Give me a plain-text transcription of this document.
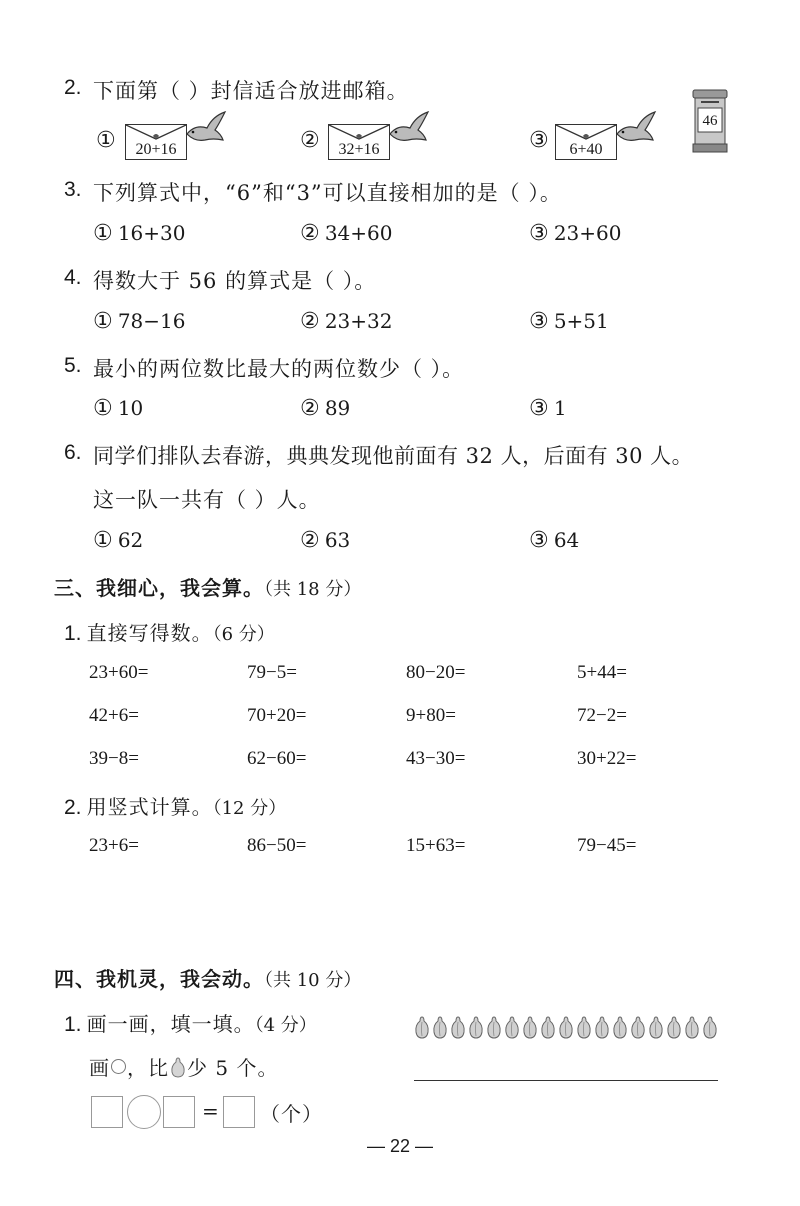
2. 下面第（ ）封信适合放进邮箱。
①	20+16	②	32+16	③	6+40
46
3. 下列算式中，“6”和“3”可以直接相加的是（ ）。
① 16+30	② 34+60	③ 23+60
4. 得数大于 56 的算式是（ ）。
① 78−16	② 23+32	③ 5+51
5. 最小的两位数比最大的两位数少（ ）。
① 10	② 89	③ 1
6. 同学们排队去春游，典典发现他前面有 32 人，后面有 30 人。
这一队一共有（ ）人。
① 62	② 63	③ 64
三、我细心，我会算。（共 18 分）
1. 直接写得数。（6 分）
23+60=	79−5=	80−20=	5+44=
42+6=	70+20=	9+80=	72−2=
39−8=	62−60=	43−30=	30+22=
2. 用竖式计算。（12 分）
23+6=	86−50=	15+63=	79−45=
四、我机灵，我会动。（共 10 分）
1. 画一画，填一填。（4 分）
画 ，比 少 5 个。
= （个）
— 22 —
